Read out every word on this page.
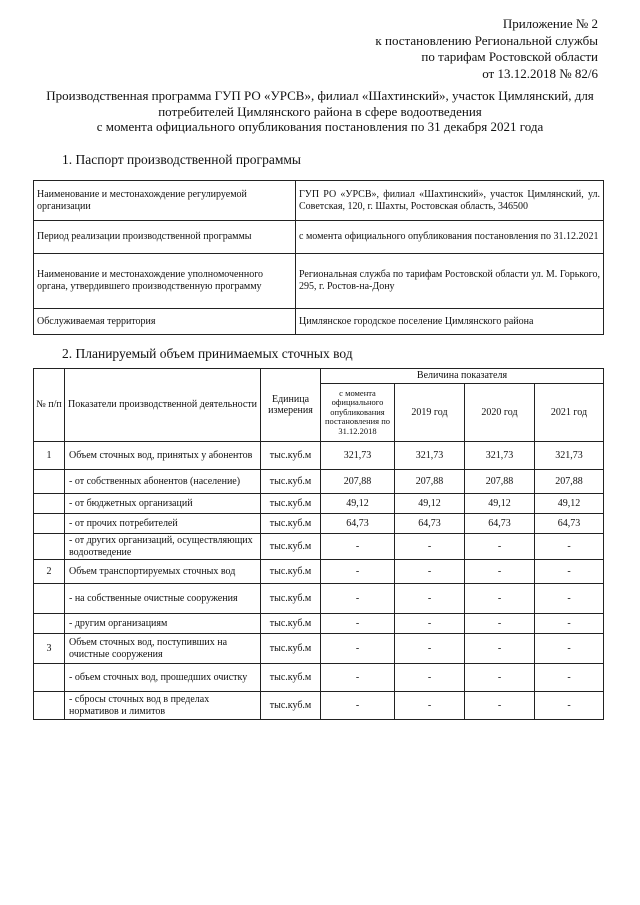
Приложение № 2
к постановлению Региональной службы
по тарифам Ростовской области
от 13.12.2018 № 82/6
Производственная программа ГУП РО «УРСВ», филиал «Шахтинский», участок Цимлянский, для
потребителей Цимлянского района в сфере водоотведения
с момента официального опубликования постановления по 31 декабря 2021 года
1. Паспорт производственной программы
Наименование и местонахождение регулируемой организации	ГУП РО «УРСВ», филиал «Шахтинский», участок Цимлянский, ул. Советская, 120, г. Шахты, Ростовская область, 346500
Период реализации производственной программы	с момента официального опубликования постановления по 31.12.2021
Наименование и местонахождение уполномоченного органа, утвердившего производственную программу	Региональная служба по тарифам Ростовской области ул. М. Горького, 295, г. Ростов-на-Дону
Обслуживаемая территория	Цимлянское городское поселение Цимлянского района
2. Планируемый объем принимаемых сточных вод
№ п/п	Показатели производственной деятельности	Единица измерения	Величина показателя			
			с момента официального опубликования постановления по 31.12.2018	2019 год	2020 год	2021 год
1	Объем сточных вод, принятых у абонентов	тыс.куб.м	321,73	321,73	321,73	321,73
	- от собственных абонентов (население)	тыс.куб.м	207,88	207,88	207,88	207,88
	- от бюджетных организаций	тыс.куб.м	49,12	49,12	49,12	49,12
	- от прочих потребителей	тыс.куб.м	64,73	64,73	64,73	64,73
	- от других организаций, осуществляющих водоотведение	тыс.куб.м	-	-	-	-
2	Объем транспортируемых сточных вод	тыс.куб.м	-	-	-	-
	- на собственные очистные сооружения	тыс.куб.м	-	-	-	-
	- другим организациям	тыс.куб.м	-	-	-	-
3	Объем сточных вод, поступивших на очистные сооружения	тыс.куб.м	-	-	-	-
	- объем сточных вод, прошедших очистку	тыс.куб.м	-	-	-	-
	- сбросы сточных вод в пределах нормативов и лимитов	тыс.куб.м	-	-	-	-
